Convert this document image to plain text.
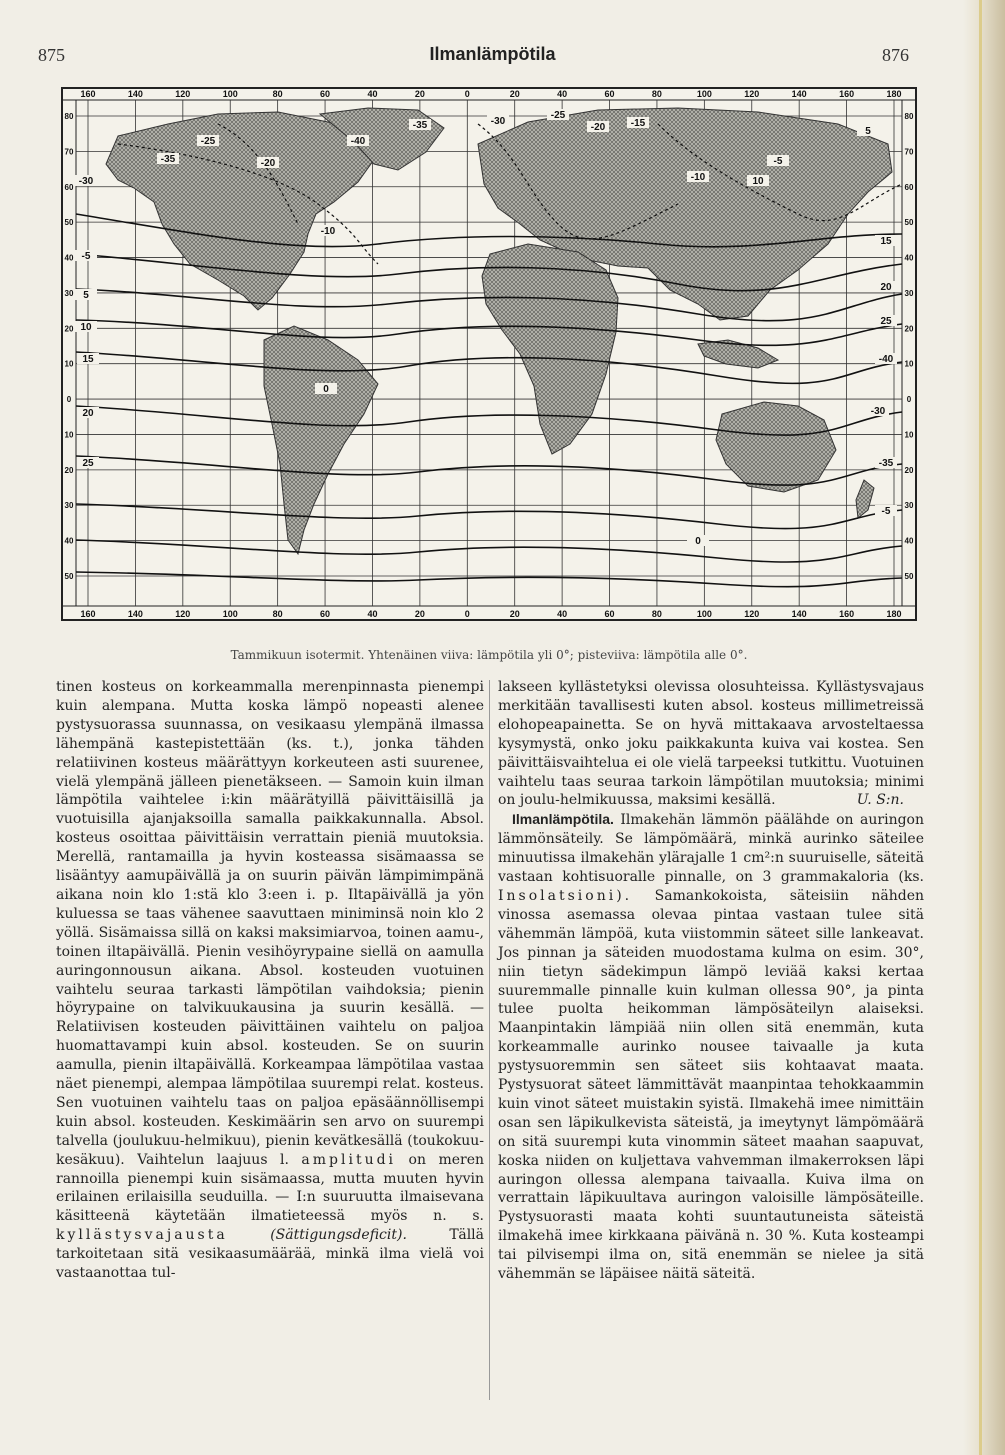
875	Ilmanlämpötila	876
160	140	120	100	80	60	40	20	0	20	40	60	80	100	120	140	160	180
160	140	120	100	80	60	40	20	0	20	40	60	80	100	120	140	160	180
80
70
60
50
40
30
20
10
0
10
20
30
40
50
80
70
60
50
40
30
20
10
0
10
20
30
40
50
-35
-30
-25
-20
-10
-5
5
10
15
20
25
-40
-35	-30
-25
-20	-15
-10
-5
5
10
15
20
25
-40
-30
-35
-5
0
0
Tammikuun isotermit. Yhtenäinen viiva: lämpötila yli 0°; pisteviiva: lämpötila alle 0°.

tinen kosteus on korkeammalla merenpinnasta pienempi kuin alempana. Mutta koska lämpö nopeasti alenee pystysuorassa suunnassa, on vesikaasu ylempänä ilmassa lähempänä kastepistettään (ks. t.), jonka tähden relatiivinen kosteus määrättyyn korkeuteen asti suurenee, vielä ylempänä jälleen pienetäkseen. — Samoin kuin ilman lämpötila vaihtelee i:kin määrätyillä päivittäisillä ja vuotuisilla ajanjaksoilla samalla paikkakunnalla. Absol. kosteus osoittaa päivittäisin verrattain pieniä muutoksia. Merellä, rantamailla ja hyvin kosteassa sisämaassa se lisääntyy aamupäivällä ja on suurin päivän lämpimimpänä aikana noin klo 1:stä klo 3:een i. p. Iltapäivällä ja yön kuluessa se taas vähenee saavuttaen miniminsä noin klo 2 yöllä. Sisämaissa sillä on kaksi maksimiarvoa, toinen aamu-, toinen iltapäivällä. Pienin vesihöyrypaine siellä on aamulla auringonnousun aikana. Absol. kosteuden vuotuinen vaihtelu seuraa tarkasti lämpötilan vaihdoksia; pienin höyrypaine on talvikuukausina ja suurin kesällä. — Relatiivisen kosteuden päivittäinen vaihtelu on paljoa huomattavampi kuin absol. kosteuden. Se on suurin aamulla, pienin iltapäivällä. Korkeampaa lämpötilaa vastaa näet pienempi, alempaa lämpötilaa suurempi relat. kosteus. Sen vuotuinen vaihtelu taas on paljoa epäsäännöllisempi kuin absol. kosteuden. Keskimäärin sen arvo on suurempi talvella (joulukuu-helmikuu), pienin kevätkesällä (toukokuu-kesäkuu). Vaihtelun laajuus l. amplitudi on meren rannoilla pienempi kuin sisämaassa, mutta muuten hyvin erilainen erilaisilla seuduilla. — I:n suuruutta ilmaisevana käsitteenä käytetään ilmatieteessä myös n. s. kyllästysvajausta	(Sättigungsdeficit).	Tällä tarkoitetaan sitä vesikaasumäärää, minkä ilma vielä voi vastaanottaa tul-

lakseen kyllästetyksi olevissa olosuhteissa. Kyllästysvajaus merkitään tavallisesti kuten absol. kosteus millimetreissä elohopeapainetta. Se on hyvä mittakaava arvosteltaessa kysymystä, onko joku paikkakunta kuiva vai kostea. Sen päivittäisvaihtelua ei ole vielä tarpeeksi tutkittu. Vuotuinen vaihtelu taas seuraa tarkoin lämpötilan muutoksia; minimi on joulu-helmikuussa, maksimi kesällä.	U. S:n.

Ilmanlämpötila. Ilmakehän lämmön päälähde on auringon lämmönsäteily. Se lämpömäärä, minkä aurinko säteilee minuutissa ilmakehän ylärajalle 1 cm²:n suuruiselle, säteitä vastaan kohtisuoralle pinnalle, on 3 grammakaloria (ks. Insolatsioni). Samankokoista, säteisiin nähden vinossa asemassa olevaa pintaa vastaan tulee sitä vähemmän lämpöä, kuta viistommin säteet sille lankeavat. Jos pinnan ja säteiden muodostama kulma on esim. 30°, niin tietyn sädekimpun lämpö leviää kaksi kertaa suuremmalle pinnalle kuin kulman ollessa 90°, ja pinta tulee puolta heikomman lämpösäteilyn alaiseksi. Maanpintakin lämpiää niin ollen sitä enemmän, kuta korkeammalle aurinko nousee taivaalle ja kuta pystysuoremmin sen säteet siis kohtaavat maata. Pystysuorat säteet lämmittävät maanpintaa tehokkaammin kuin vinot säteet muistakin syistä. Ilmakehä imee nimittäin osan sen läpikulkevista säteistä, ja imeytynyt lämpömäärä on sitä suurempi kuta vinommin säteet maahan saapuvat, koska niiden on kuljettava vahvemman ilmakerroksen läpi auringon ollessa alempana taivaalla. Kuiva ilma on verrattain läpikuultava auringon valoisille lämpösäteille. Pystysuorasti maata kohti suuntautuneista säteistä ilmakehä imee kirkkaana päivänä n. 30 %. Kuta kosteampi tai pilvisempi ilma on, sitä enemmän se nielee ja sitä vähemmän se läpäisee näitä säteitä.
